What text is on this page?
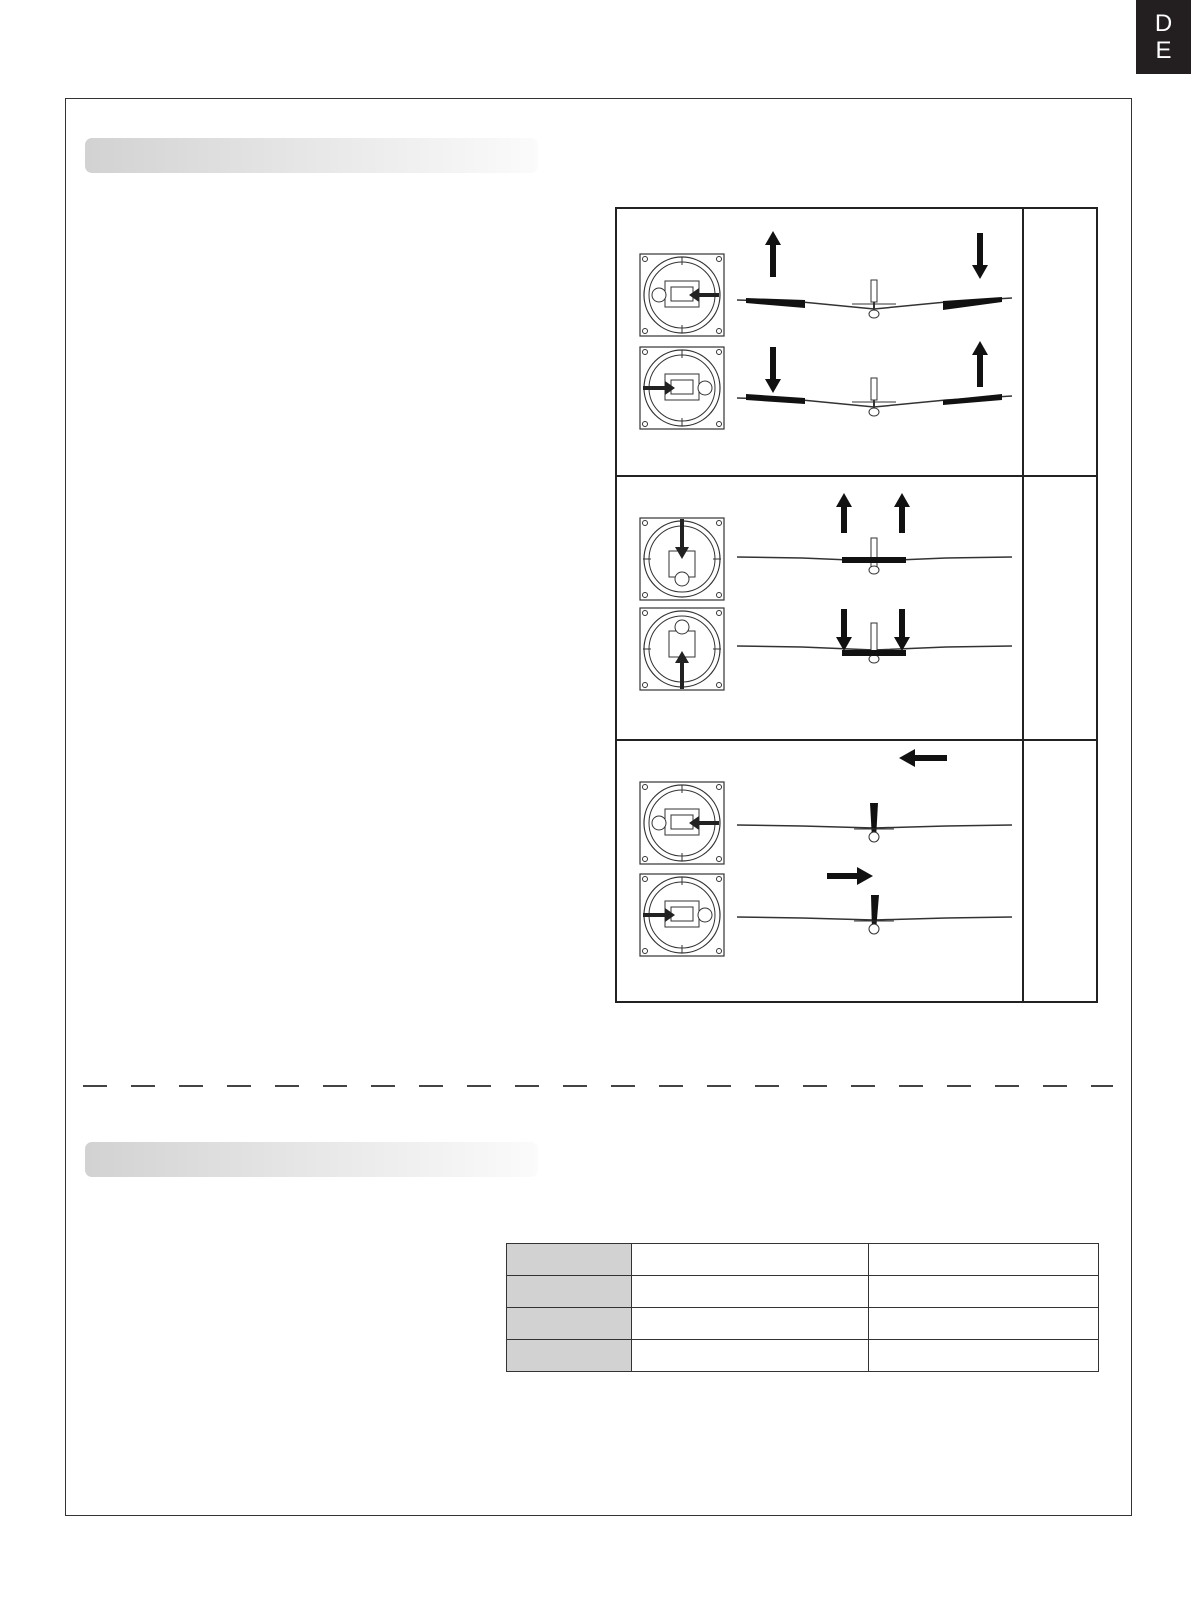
D
E
